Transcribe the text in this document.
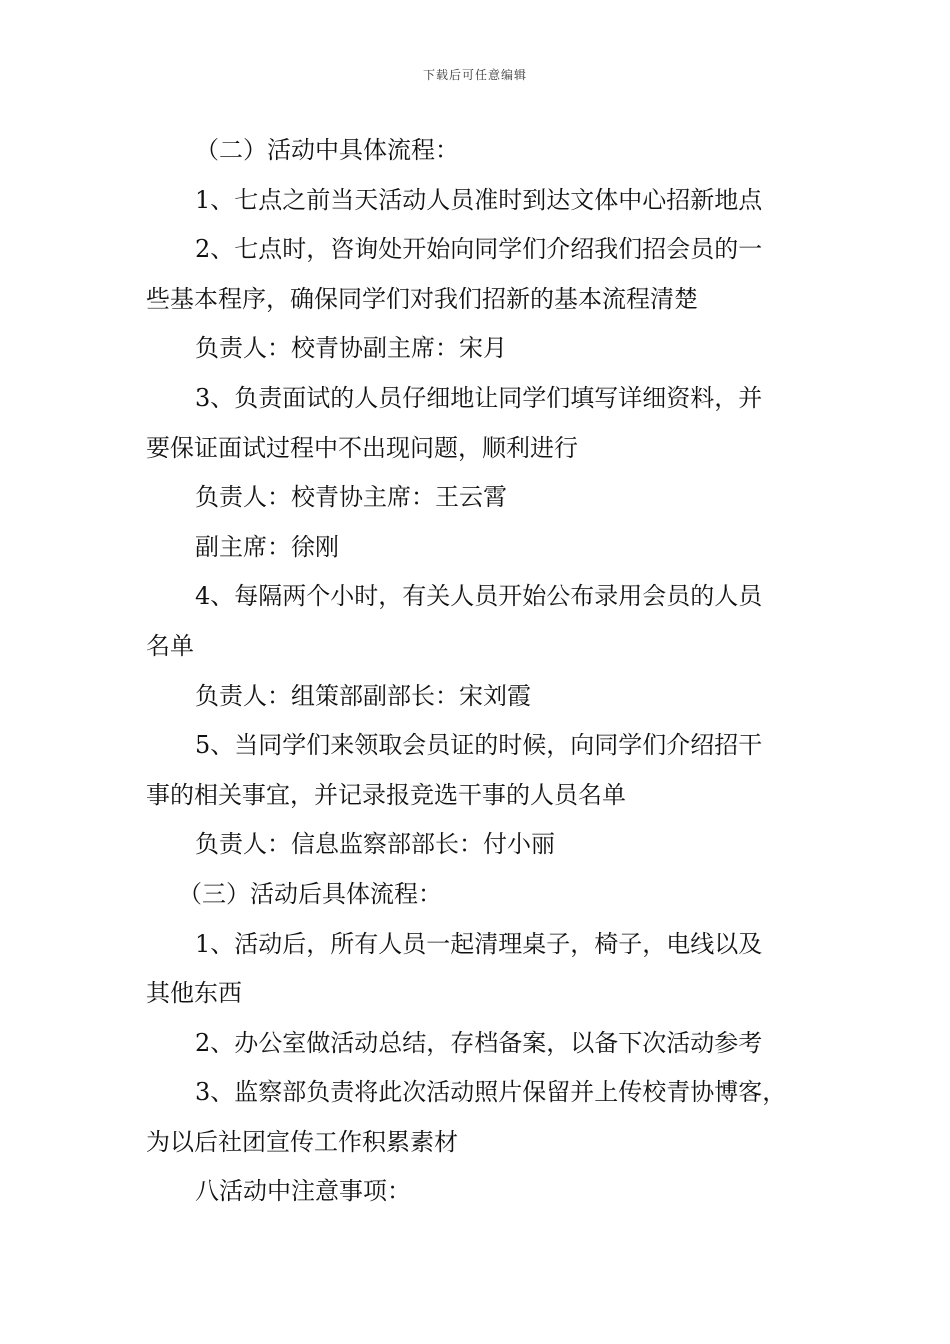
下载后可任意编辑
（二）活动中具体流程：
1、七点之前当天活动人员准时到达文体中心招新地点
2、七点时，咨询处开始向同学们介绍我们招会员的一
些基本程序，确保同学们对我们招新的基本流程清楚
负责人：校青协副主席：宋月
3、负责面试的人员仔细地让同学们填写详细资料，并
要保证面试过程中不出现问题，顺利进行
负责人：校青协主席：王云霄
副主席：徐刚
4、每隔两个小时，有关人员开始公布录用会员的人员
名单
负责人：组策部副部长：宋刘霞
5、当同学们来领取会员证的时候，向同学们介绍招干
事的相关事宜，并记录报竞选干事的人员名单
负责人：信息监察部部长：付小丽
（三）活动后具体流程：
1、活动后，所有人员一起清理桌子，椅子，电线以及
其他东西
2、办公室做活动总结，存档备案，以备下次活动参考
3、监察部负责将此次活动照片保留并上传校青协博客，
为以后社团宣传工作积累素材
八活动中注意事项：
